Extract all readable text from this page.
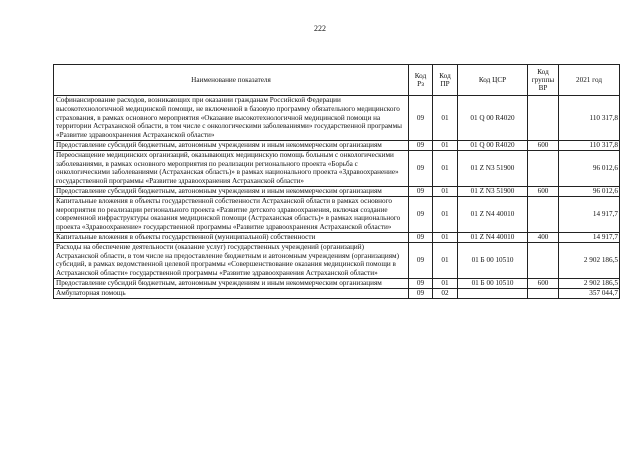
222
Наименование показателя	Код Рз	Код ПР	Код ЦСР	Код группы ВР	2021 год
Софинансирование расходов, возникающих при оказании гражданам Российской Федерации высокотехнологичной медицинской помощи, не включенной в базовую программу обязательного медицинского страхования, в рамках основного мероприятия «Оказание высокотехнологичной медицинской помощи на территории Астраханской области, в том числе с онкологическими заболеваниями» государственной программы «Развитие здравоохранения Астраханской области»	09	01	01 Q 00 R4020		110 317,8
Предоставление субсидий бюджетным, автономным учреждениям и иным некоммерческим организациям	09	01	01 Q 00 R4020	600	110 317,8
Переоснащение медицинских организаций, оказывающих медицинскую помощь больным с онкологическими заболеваниями, в рамках основного мероприятия по реализации регионального проекта «Борьба с онкологическими заболеваниями (Астраханская область)» в рамках национального проекта «Здравоохранение» государственной программы «Развитие здравоохранения Астраханской области»	09	01	01 Z N3 51900		96 012,6
Предоставление субсидий бюджетным, автономным учреждениям и иным некоммерческим организациям	09	01	01 Z N3 51900	600	96 012,6
Капитальные вложения в объекты государственной собственности Астраханской области в рамках основного мероприятия по реализации регионального проекта «Развитие детского здравоохранения, включая создание современной инфраструктуры оказания медицинской помощи (Астраханская область)» в рамках национального проекта «Здравоохранение» государственной программы «Развитие здравоохранения Астраханской области»	09	01	01 Z N4 40010		14 917,7
Капитальные вложения в объекты государственной (муниципальной) собственности	09	01	01 Z N4 40010	400	14 917,7
Расходы на обеспечение деятельности (оказание услуг) государственных учреждений (организаций) Астраханской области, в том числе на предоставление бюджетным и автономным учреждениям (организациям) субсидий, в рамках ведомственной целевой программы «Совершенствование оказания медицинской помощи в Астраханской области» государственной программы «Развитие здравоохранения Астраханской области»	09	01	01 Б 00 10510		2 902 186,5
Предоставление субсидий бюджетным, автономным учреждениям и иным некоммерческим организациям	09	01	01 Б 00 10510	600	2 902 186,5
Амбулаторная помощь	09	02			357 044,7
